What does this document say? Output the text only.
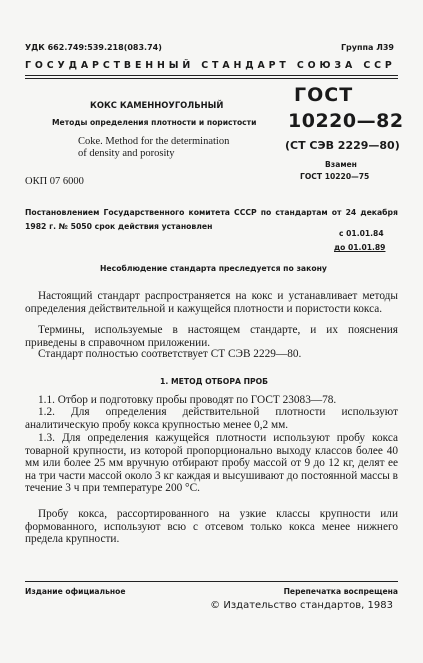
УДК 662.749:539.218(083.74)	Группа Л39
ГОСУДАРСТВЕННЫЙ СТАНДАРТ СОЮЗА ССР
КОКС КАМЕННОУГОЛЬНЫЙ
Методы определения плотности и пористости
Coke. Method for the determination
of density and porosity
ГОСТ
10220—82
(СТ СЭВ 2229—80)
Взамен
ГОСТ 10220—75
ОКП 07 6000
Постановлением Государственного комитета СССР по стандартам от 24 декабря 1982 г. № 5050 срок действия установлен
с 01.01.84
до 01.01.89
Несоблюдение стандарта преследуется по закону

Настоящий стандарт распространяется на кокс и устанавливает методы определения действительной и кажущейся плотности и пористости кокса.

Термины, используемые в настоящем стандарте, и их пояснения приведены в справочном приложении.

Стандарт полностью соответствует СТ СЭВ 2229—80.

1. МЕТОД ОТБОРА ПРОБ

1.1. Отбор и подготовку пробы проводят по ГОСТ 23083—78.

1.2. Для определения действительной плотности используют аналитическую пробу кокса крупностью менее 0,2 мм.

1.3. Для определения кажущейся плотности используют пробу кокса товарной крупности, из которой пропорционально выходу классов более 40 мм или более 25 мм вручную отбирают пробу массой от 9 до 12 кг, делят ее на три части массой около 3 кг каждая и высушивают до постоянной массы в течение 3 ч при температуре 200 °С.

Пробу кокса, рассортированного на узкие классы крупности или формованного, используют всю с отсевом только кокса менее нижнего предела крупности.

Издание официальное	Перепечатка воспрещена
© Издательство стандартов, 1983
